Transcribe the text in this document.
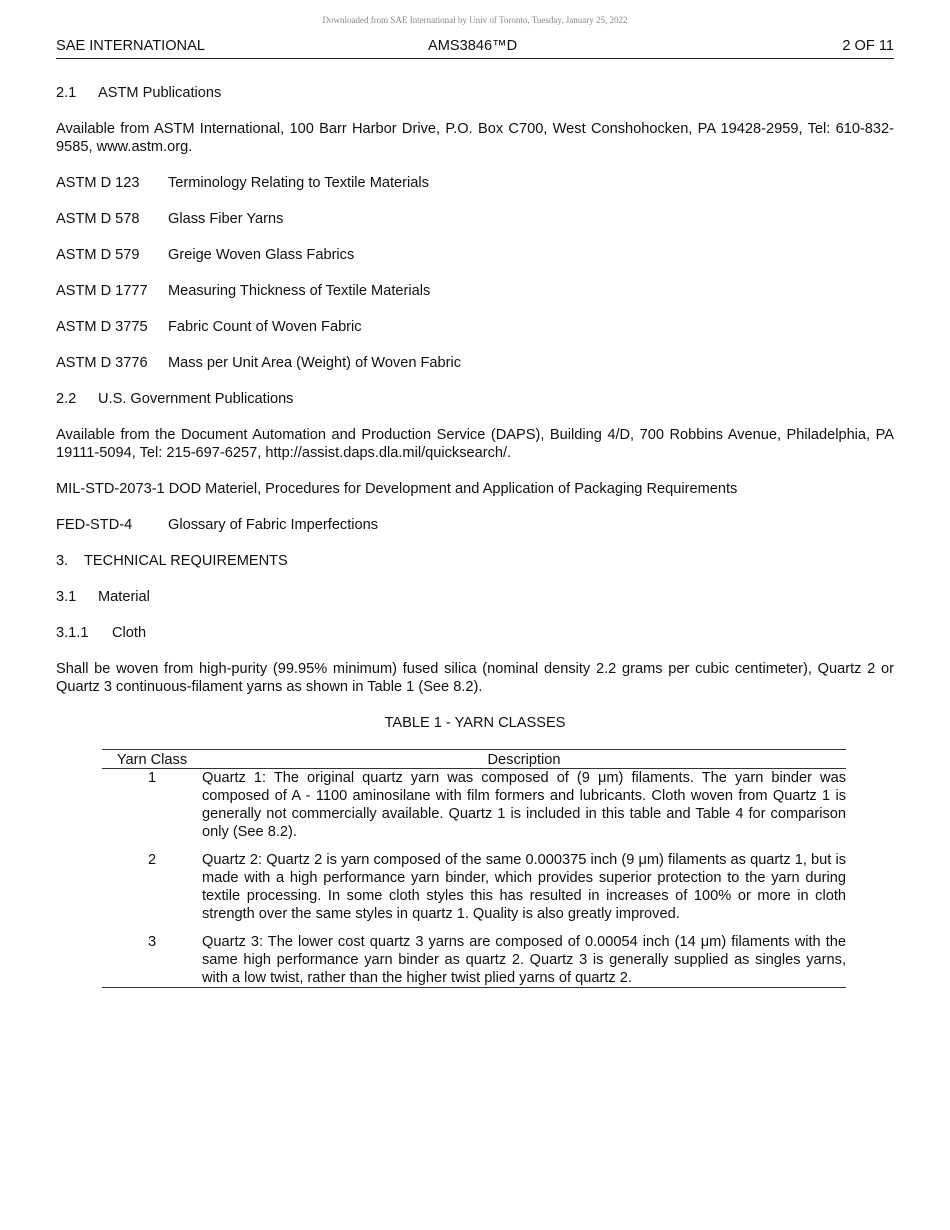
Downloaded from SAE International by Univ of Toronto, Tuesday, January 25, 2022
SAE INTERNATIONAL	AMS3846™D	2 OF 11
2.1 ASTM Publications

Available from ASTM International, 100 Barr Harbor Drive, P.O. Box C700, West Conshohocken, PA 19428-2959, Tel: 610-832-9585, www.astm.org.

ASTM D 123	Terminology Relating to Textile Materials
ASTM D 578	Glass Fiber Yarns
ASTM D 579	Greige Woven Glass Fabrics
ASTM D 1777	Measuring Thickness of Textile Materials
ASTM D 3775	Fabric Count of Woven Fabric
ASTM D 3776	Mass per Unit Area (Weight) of Woven Fabric
2.2 U.S. Government Publications

Available from the Document Automation and Production Service (DAPS), Building 4/D, 700 Robbins Avenue, Philadelphia, PA 19111-5094, Tel: 215-697-6257, http://assist.daps.dla.mil/quicksearch/.

MIL-STD-2073-1 DOD Materiel, Procedures for Development and Application of Packaging Requirements
FED-STD-4	Glossary of Fabric Imperfections
3. TECHNICAL REQUIREMENTS
3.1 Material
3.1.1 Cloth

Shall be woven from high-purity (99.95% minimum) fused silica (nominal density 2.2 grams per cubic centimeter), Quartz 2 or Quartz 3 continuous-filament yarns as shown in Table 1 (See 8.2).

TABLE 1 - YARN CLASSES
Yarn Class	Description
1	Quartz 1: The original quartz yarn was composed of (9 μm) filaments. The yarn binder was composed of A - 1100 aminosilane with film formers and lubricants. Cloth woven from Quartz 1 is generally not commercially available. Quartz 1 is included in this table and Table 4 for comparison only (See 8.2).
2	Quartz 2: Quartz 2 is yarn composed of the same 0.000375 inch (9 μm) filaments as quartz 1, but is made with a high performance yarn binder, which provides superior protection to the yarn during textile processing. In some cloth styles this has resulted in increases of 100% or more in cloth strength over the same styles in quartz 1. Quality is also greatly improved.
3	Quartz 3: The lower cost quartz 3 yarns are composed of 0.00054 inch (14 μm) filaments with the same high performance yarn binder as quartz 2. Quartz 3 is generally supplied as singles yarns, with a low twist, rather than the higher twist plied yarns of quartz 2.
